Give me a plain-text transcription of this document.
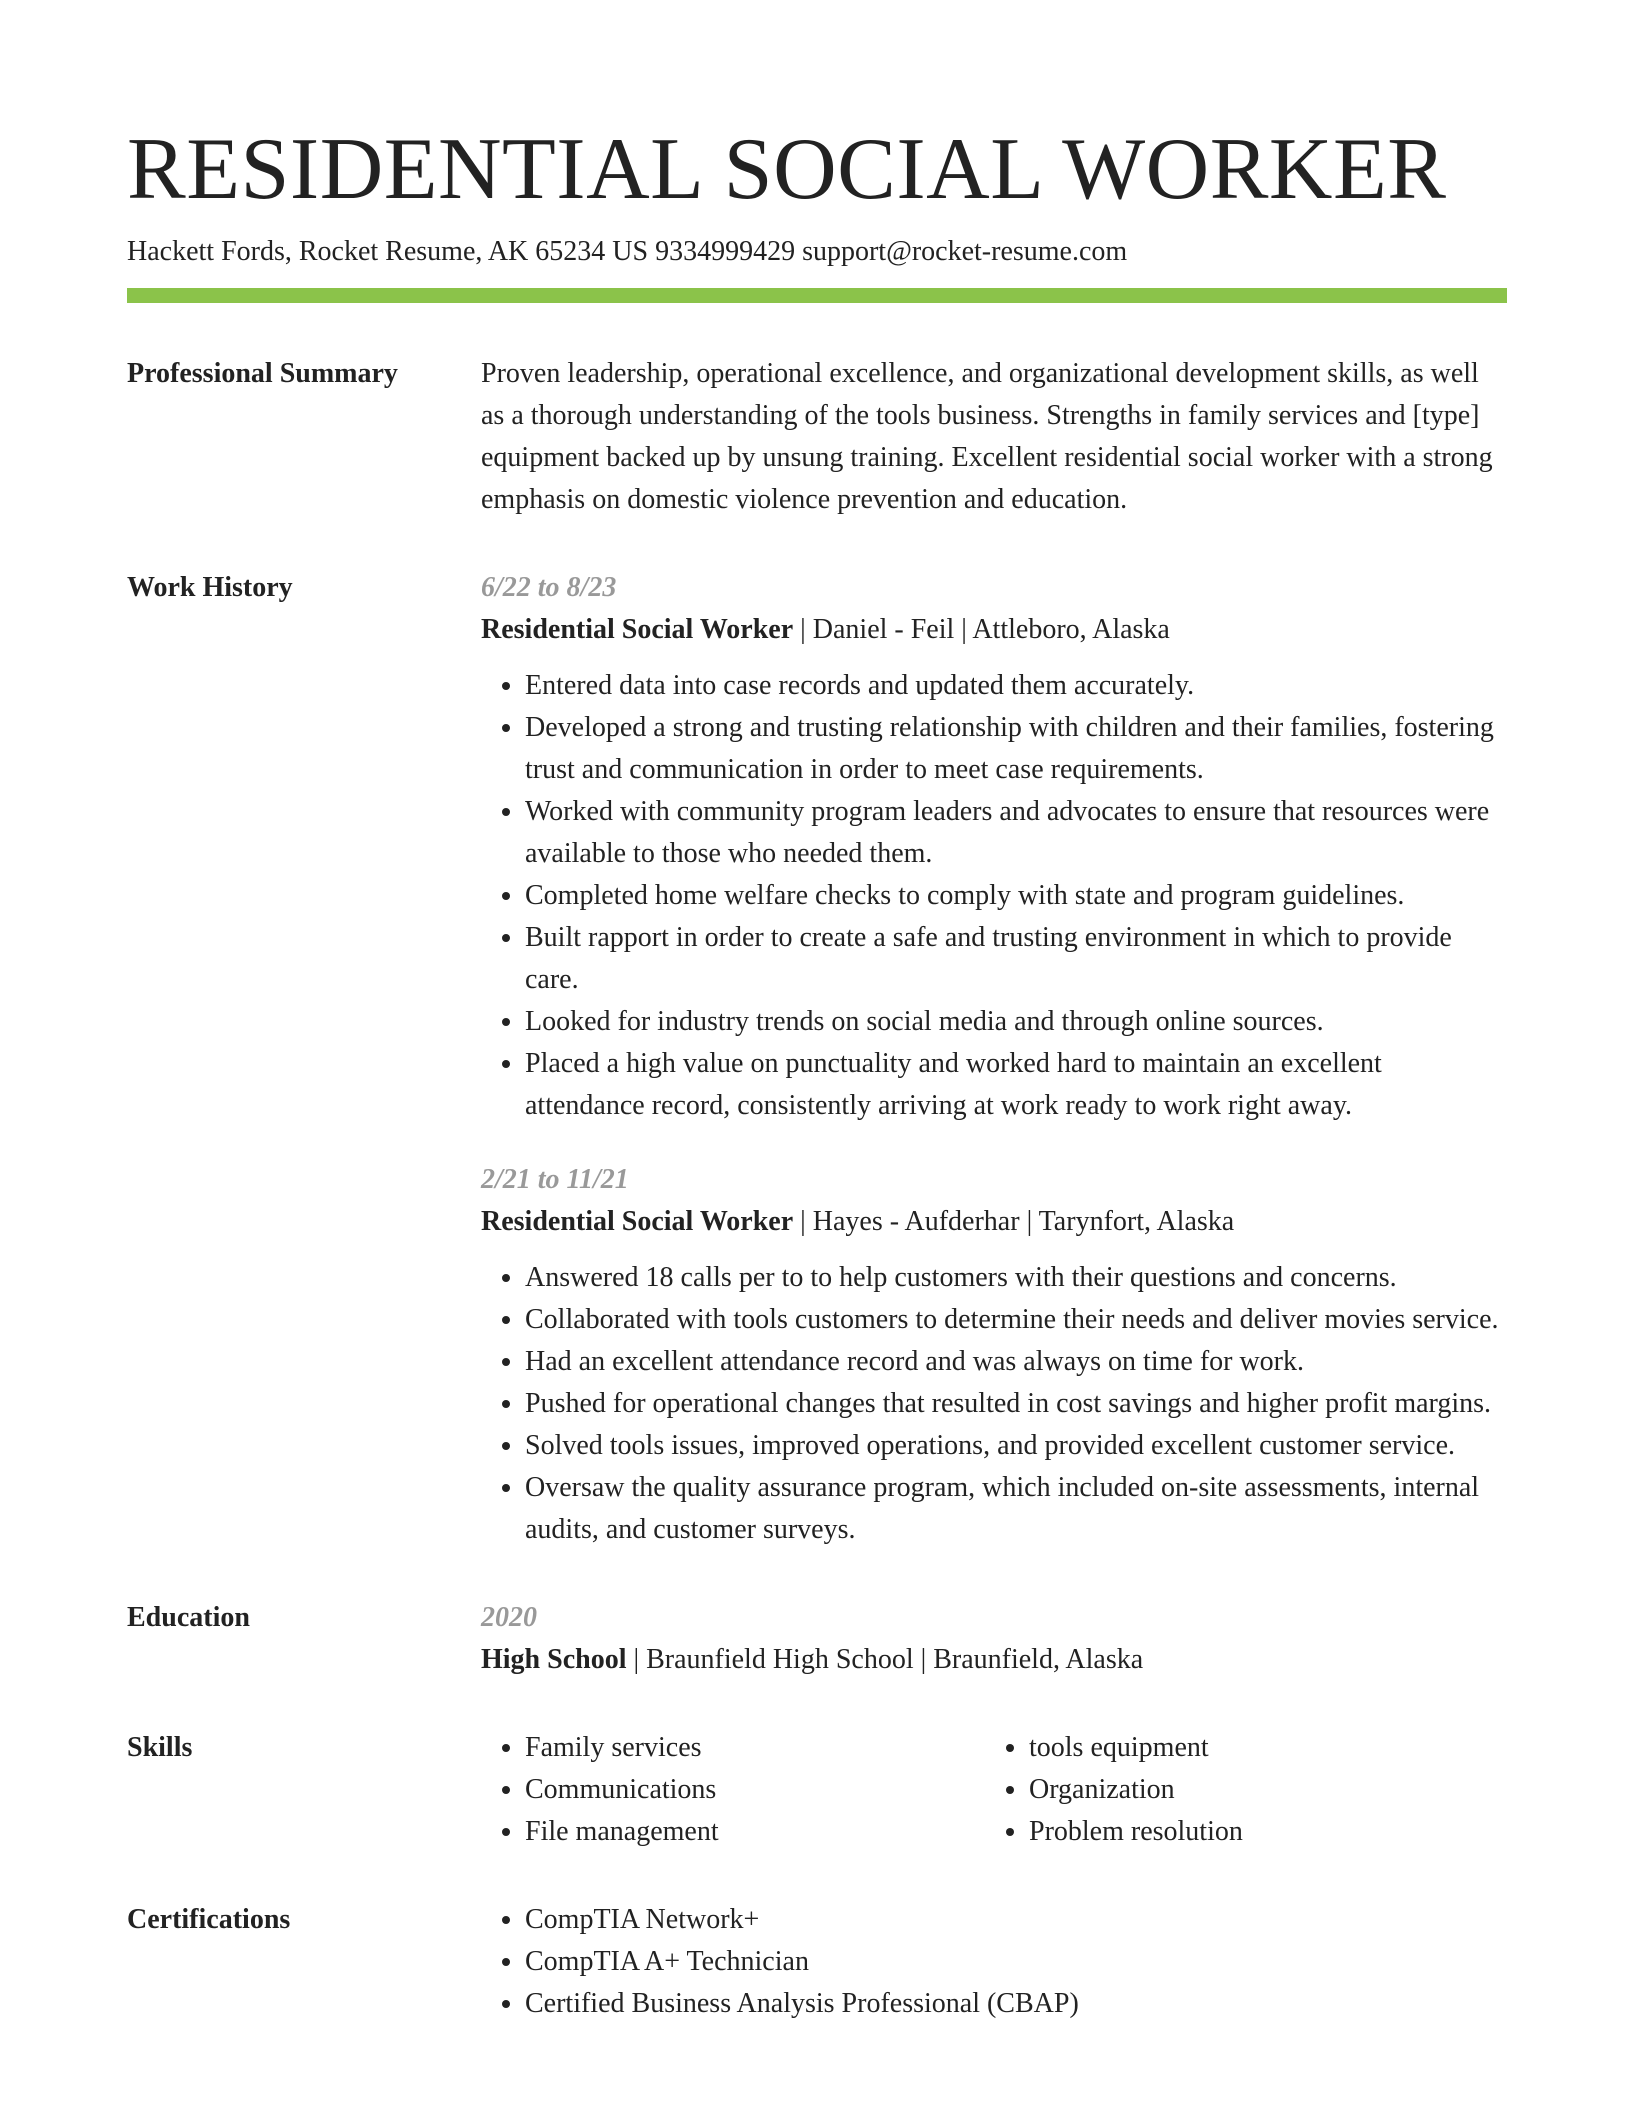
RESIDENTIAL SOCIAL WORKER
Hackett Fords, Rocket Resume, AK 65234 US 9334999429 support@rocket-resume.com
Professional Summary	Proven leadership, operational excellence, and organizational development skills, as well as a thorough understanding of the tools business. Strengths in family services and [type] equipment backed up by unsung training. Excellent residential social worker with a strong emphasis on domestic violence prevention and education.

Work History	6/22 to 8/23
Residential Social Worker | Daniel - Feil | Attleboro, Alaska
• Entered data into case records and updated them accurately.
• Developed a strong and trusting relationship with children and their families, fostering trust and communication in order to meet case requirements.
• Worked with community program leaders and advocates to ensure that resources were available to those who needed them.
• Completed home welfare checks to comply with state and program guidelines.
• Built rapport in order to create a safe and trusting environment in which to provide care.
• Looked for industry trends on social media and through online sources.
• Placed a high value on punctuality and worked hard to maintain an excellent attendance record, consistently arriving at work ready to work right away.
2/21 to 11/21
Residential Social Worker | Hayes - Aufderhar | Tarynfort, Alaska
• Answered 18 calls per to to help customers with their questions and concerns.
• Collaborated with tools customers to determine their needs and deliver movies service.
• Had an excellent attendance record and was always on time for work.
• Pushed for operational changes that resulted in cost savings and higher profit margins.
• Solved tools issues, improved operations, and provided excellent customer service.
• Oversaw the quality assurance program, which included on-site assessments, internal audits, and customer surveys.
Education	2020
High School | Braunfield High School | Braunfield, Alaska
Skills	• Family services
• Communications
• File management
• tools equipment
• Organization
• Problem resolution
Certifications	• CompTIA Network+
• CompTIA A+ Technician
• Certified Business Analysis Professional (CBAP)
